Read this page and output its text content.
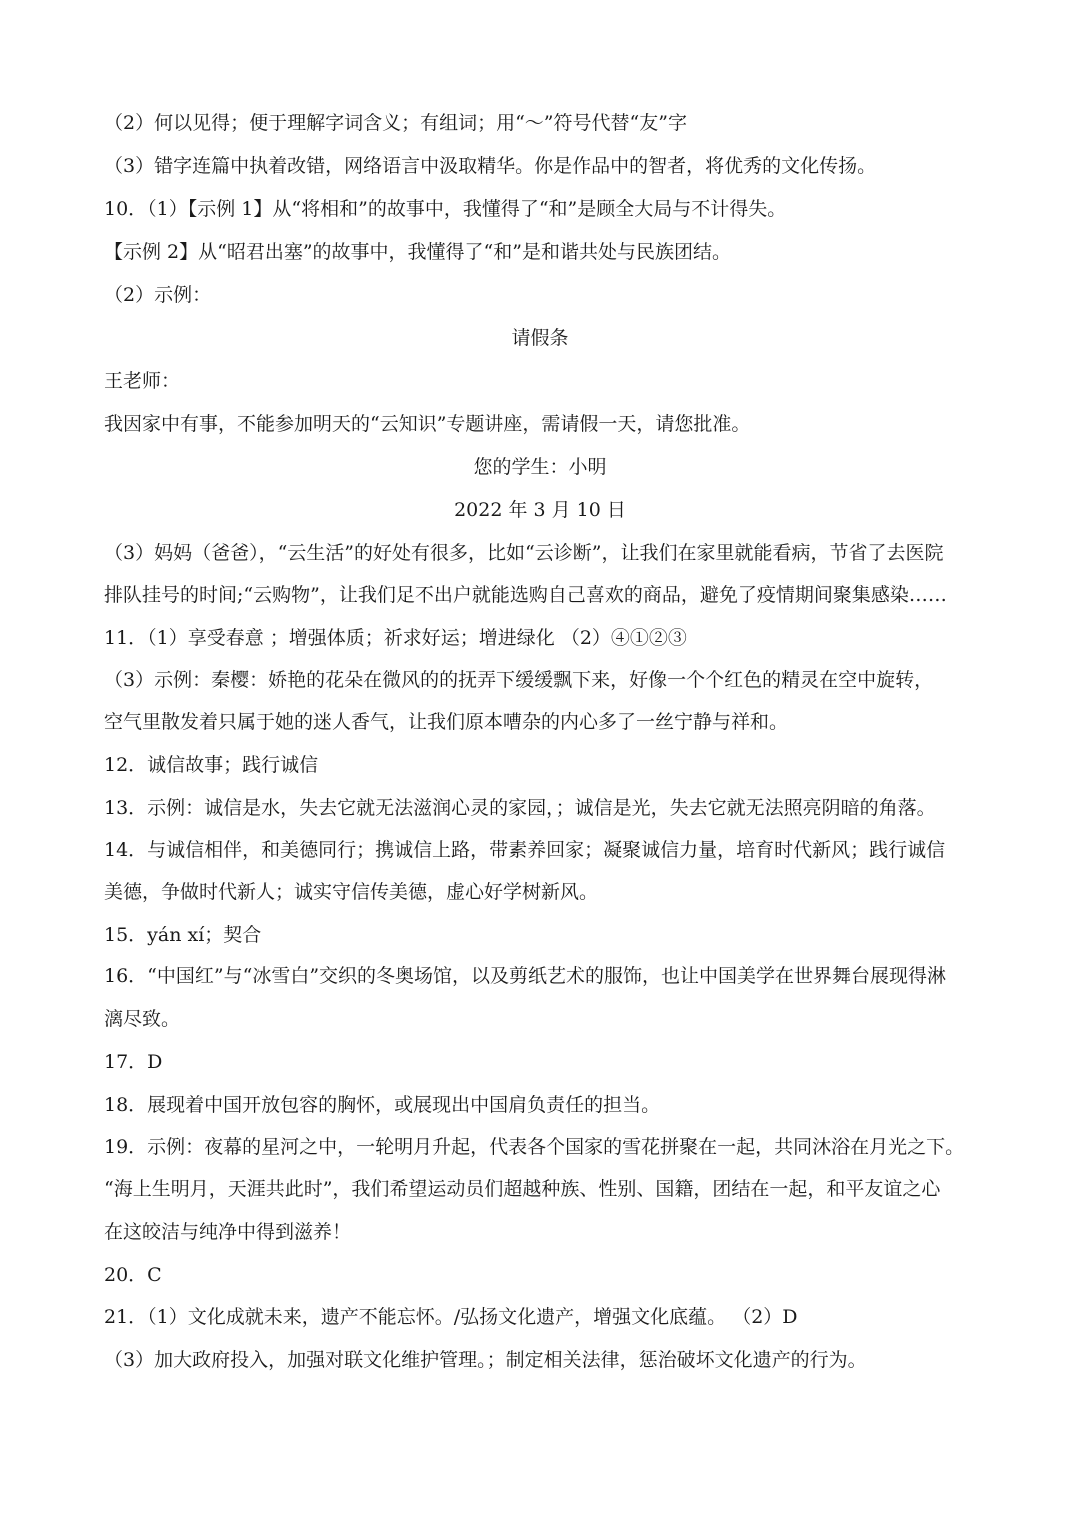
（2）何以见得；便于理解字词含义；有组词；用“～”符号代替“友”字
（3）错字连篇中执着改错，网络语言中汲取精华。你是作品中的智者，将优秀的文化传扬。
10．（1）【示例 1】从“将相和”的故事中，我懂得了“和”是顾全大局与不计得失。
【示例 2】从“昭君出塞”的故事中，我懂得了“和”是和谐共处与民族团结。
（2）示例：
请假条
王老师：
我因家中有事，不能参加明天的“云知识”专题讲座，需请假一天，请您批准。
您的学生：小明
2022 年 3 月 10 日
（3）妈妈（爸爸），“云生活”的好处有很多，比如“云诊断”，让我们在家里就能看病，节省了去医院
排队挂号的时间;“云购物”，让我们足不出户就能选购自己喜欢的商品，避免了疫情期间聚集感染……
11．（1）享受春意 ；增强体质；祈求好运；增进绿化 （2）④①②③
（3）示例：秦樱：娇艳的花朵在微风的的抚弄下缓缓飘下来，好像一个个红色的精灵在空中旋转，
空气里散发着只属于她的迷人香气，让我们原本嘈杂的内心多了一丝宁静与祥和。
12．诚信故事；践行诚信
13．示例：诚信是水，失去它就无法滋润心灵的家园，；诚信是光，失去它就无法照亮阴暗的角落。
14．与诚信相伴，和美德同行；携诚信上路，带素养回家；凝聚诚信力量，培育时代新风；践行诚信
美德，争做时代新人；诚实守信传美德，虚心好学树新风。
15．yán xí；契合
16．“中国红”与“冰雪白”交织的冬奥场馆，以及剪纸艺术的服饰，也让中国美学在世界舞台展现得淋
漓尽致。
17．D
18．展现着中国开放包容的胸怀，或展现出中国肩负责任的担当。
19．示例：夜幕的星河之中，一轮明月升起，代表各个国家的雪花拼聚在一起，共同沐浴在月光之下。
“海上生明月，天涯共此时”，我们希望运动员们超越种族、性别、国籍，团结在一起，和平友谊之心
在这皎洁与纯净中得到滋养！
20．C
21．（1）文化成就未来，遗产不能忘怀。/弘扬文化遗产，增强文化底蕴。 （2）D
（3）加大政府投入，加强对联文化维护管理。；制定相关法律，惩治破坏文化遗产的行为。
